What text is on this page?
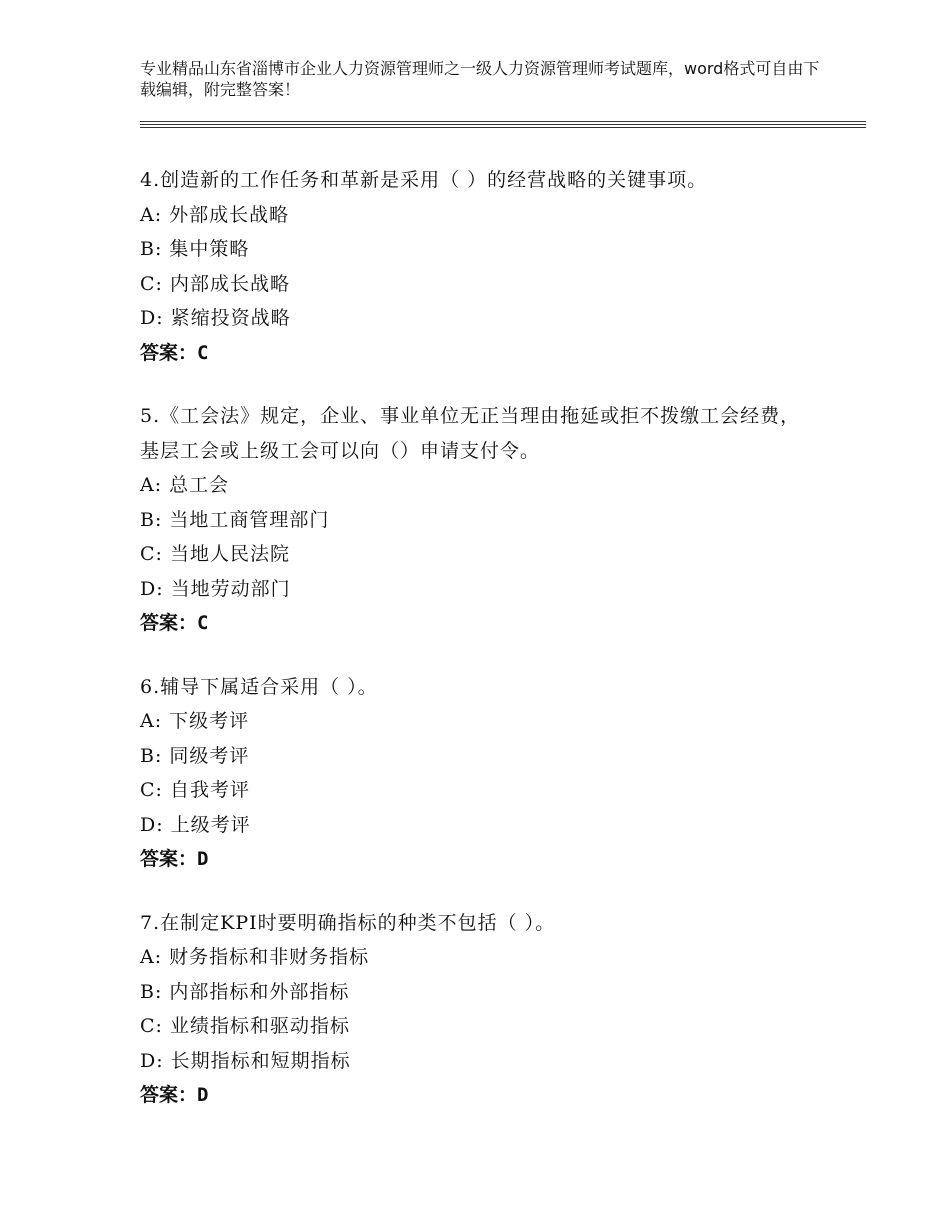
专业精品山东省淄博市企业人力资源管理师之一级人力资源管理师考试题库，word格式可自由下载编辑，附完整答案！
4.创造新的工作任务和革新是采用（ ）的经营战略的关键事项。
A: 外部成长战略
B: 集中策略
C: 内部成长战略
D: 紧缩投资战略
答案：C
5.《工会法》规定，企业、事业单位无正当理由拖延或拒不拨缴工会经费，基层工会或上级工会可以向（）申请支付令。
A: 总工会
B: 当地工商管理部门
C: 当地人民法院
D: 当地劳动部门
答案：C
6.辅导下属适合采用（ ）。
A: 下级考评
B: 同级考评
C: 自我考评
D: 上级考评
答案：D
7.在制定KPI时要明确指标的种类不包括（ ）。
A: 财务指标和非财务指标
B: 内部指标和外部指标
C: 业绩指标和驱动指标
D: 长期指标和短期指标
答案：D
